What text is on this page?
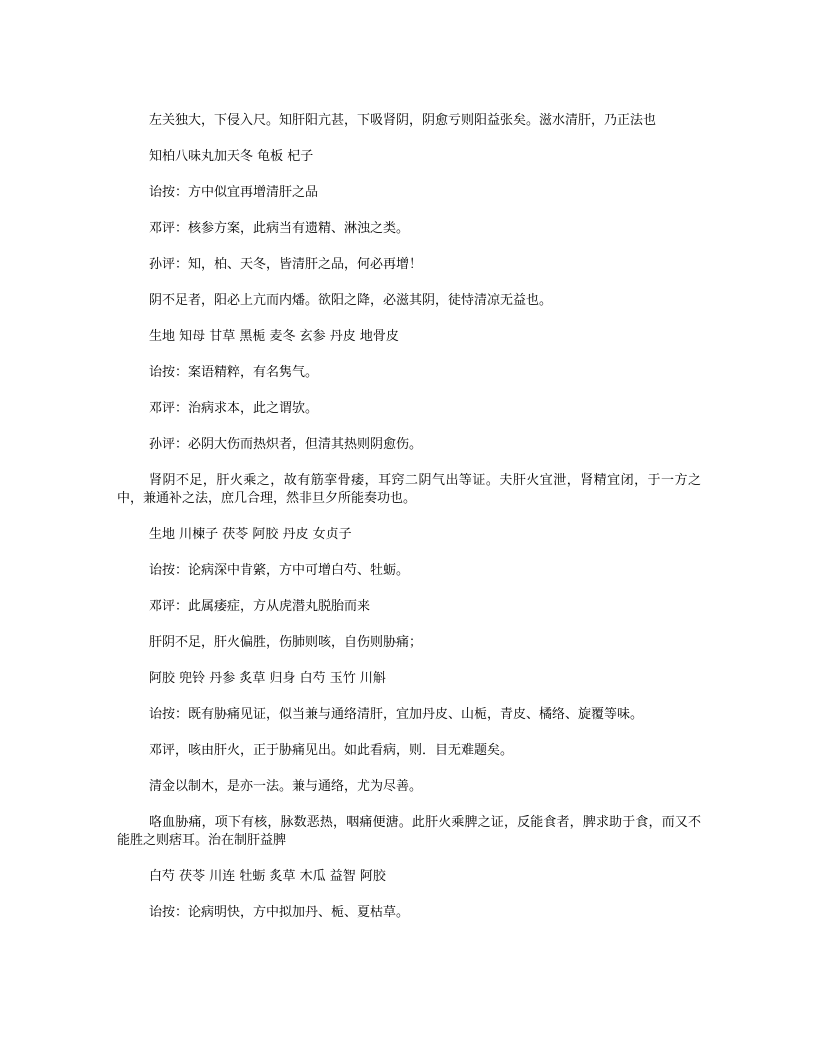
左关独大，下侵入尺。知肝阳亢甚，下吸肾阴，阴愈亏则阳益张矣。滋水清肝，乃正法也

知柏八味丸加天冬 龟板 杞子

诒按：方中似宜再增清肝之品

邓评：核参方案，此病当有遗精、淋浊之类。

孙评：知，柏、天冬，皆清肝之品，何必再增！

阴不足者，阳必上亢而内燔。欲阳之降，必滋其阴，徒恃清凉无益也。

生地 知母 甘草 黑栀 麦冬 玄参 丹皮 地骨皮

诒按：案语精粹，有名隽气。

邓评：治病求本，此之谓欤。

孙评：必阴大伤而热炽者，但清其热则阴愈伤。

肾阴不足，肝火乘之，故有筋挛骨痿，耳窍二阴气出等证。夫肝火宜泄，肾精宜闭，于一方之中，兼通补之法，庶几合理，然非旦夕所能奏功也。

生地 川楝子 茯苓 阿胶 丹皮 女贞子

诒按：论病深中肯綮，方中可增白芍、牡蛎。

邓评：此属痿症，方从虎潜丸脱胎而来

肝阴不足，肝火偏胜，伤肺则咳，自伤则胁痛；

阿胶 兜铃 丹参 炙草 归身 白芍 玉竹 川斛

诒按：既有胁痛见证，似当兼与通络清肝，宜加丹皮、山栀，青皮、橘络、旋覆等味。

邓评，咳由肝火，正于胁痛见出。如此看病，则．目无难题矣。

清金以制木，是亦一法。兼与通络，尤为尽善。

咯血胁痛，项下有核，脉数恶热，咽痛便溏。此肝火乘脾之证，反能食者，脾求助于食，而又不能胜之则痞耳。治在制肝益脾

白芍 茯苓 川连 牡蛎 炙草 木瓜 益智 阿胶

诒按：论病明快，方中拟加丹、栀、夏枯草。
